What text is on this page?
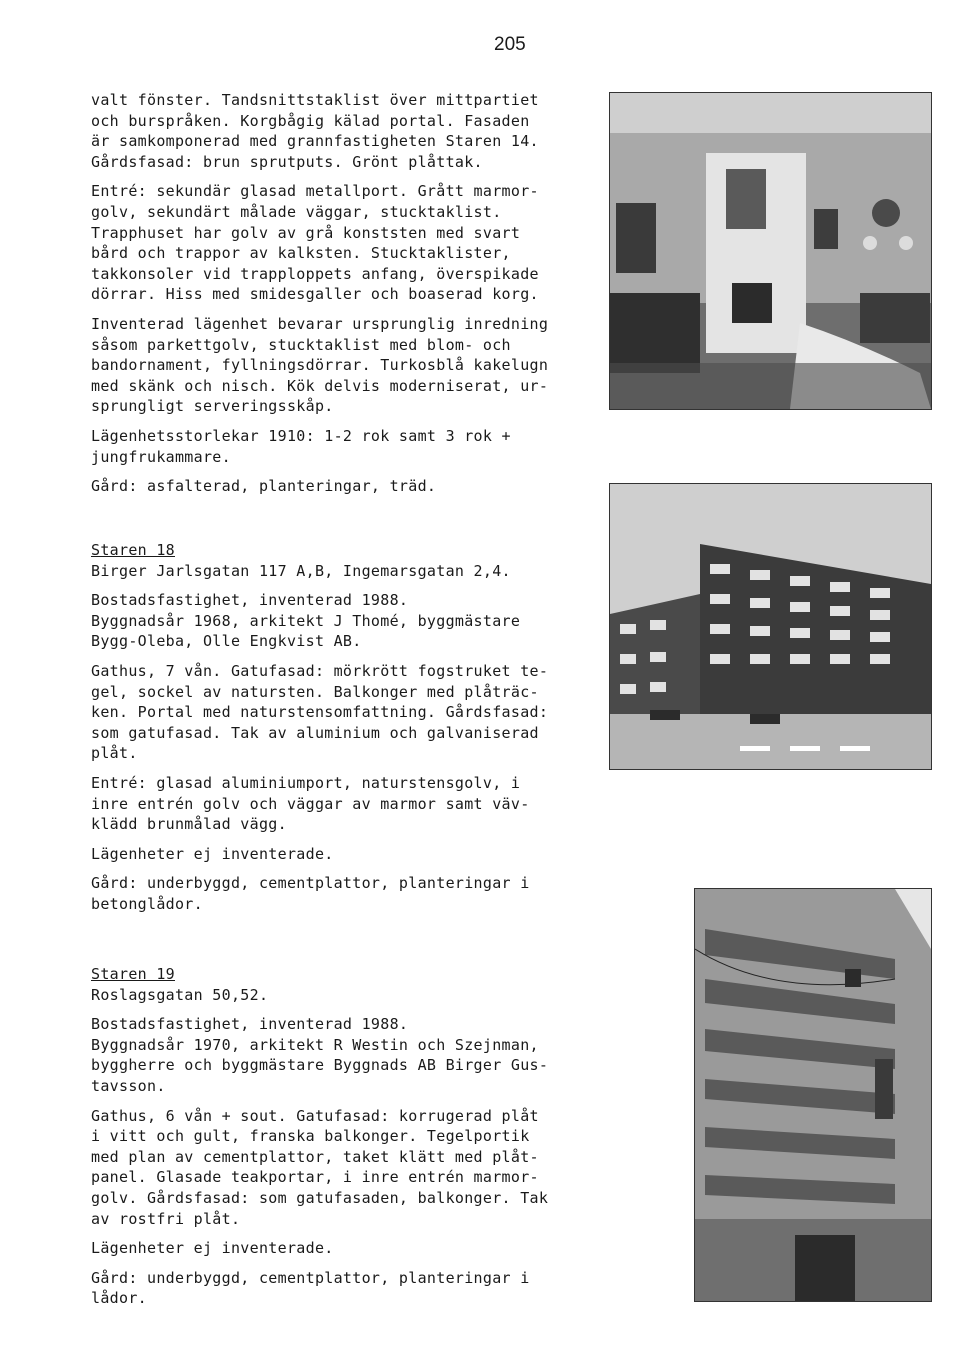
205

valt fönster. Tandsnittstaklist över mittpartiet
och burspråken. Korgbågig kälad portal. Fasaden
är samkomponerad med grannfastigheten Staren 14.
Gårdsfasad: brun sprutputs. Grönt plåttak.

Entré: sekundär glasad metallport. Grått marmor-
golv, sekundärt målade väggar, stucktaklist.
Trapphuset har golv av grå konststen med svart
bård och trappor av kalksten. Stucktaklister,
takkonsoler vid trapploppets anfang, överspikade
dörrar. Hiss med smidesgaller och boaserad korg.

Inventerad lägenhet bevarar ursprunglig inredning
såsom parkettgolv, stucktaklist med blom- och
bandornament, fyllningsdörrar. Turkosblå kakelugn
med skänk och nisch. Kök delvis moderniserat, ur-
sprungligt serveringsskåp.

Lägenhetsstorlekar 1910: 1-2 rok samt 3 rok +
jungfrukammare.

Gård: asfalterad, planteringar, träd.

Staren 18
Birger Jarlsgatan 117 A,B, Ingemarsgatan 2,4.

Bostadsfastighet, inventerad 1988.
Byggnadsår 1968, arkitekt J Thomé, byggmästare
Bygg-Oleba, Olle Engkvist AB.

Gathus, 7 vån. Gatufasad: mörkrött fogstruket te-
gel, sockel av natursten. Balkonger med plåträc-
ken. Portal med naturstensomfattning. Gårdsfasad:
som gatufasad. Tak av aluminium och galvaniserad
plåt.

Entré: glasad aluminiumport, naturstensgolv, i
inre entrén golv och väggar av marmor samt väv-
klädd brunmålad vägg.

Lägenheter ej inventerade.

Gård: underbyggd, cementplattor, planteringar i
betonglådor.

Staren 19
Roslagsgatan 50,52.

Bostadsfastighet, inventerad 1988.
Byggnadsår 1970, arkitekt R Westin och Szejnman,
byggherre och byggmästare Byggnads AB Birger Gus-
tavsson.

Gathus, 6 vån + sout. Gatufasad: korrugerad plåt
i vitt och gult, franska balkonger. Tegelportik
med plan av cementplattor, taket klätt med plåt-
panel. Glasade teakportar, i inre entrén marmor-
golv. Gårdsfasad: som gatufasaden, balkonger. Tak
av rostfri plåt.

Lägenheter ej inventerade.

Gård: underbyggd, cementplattor, planteringar i
lådor.
